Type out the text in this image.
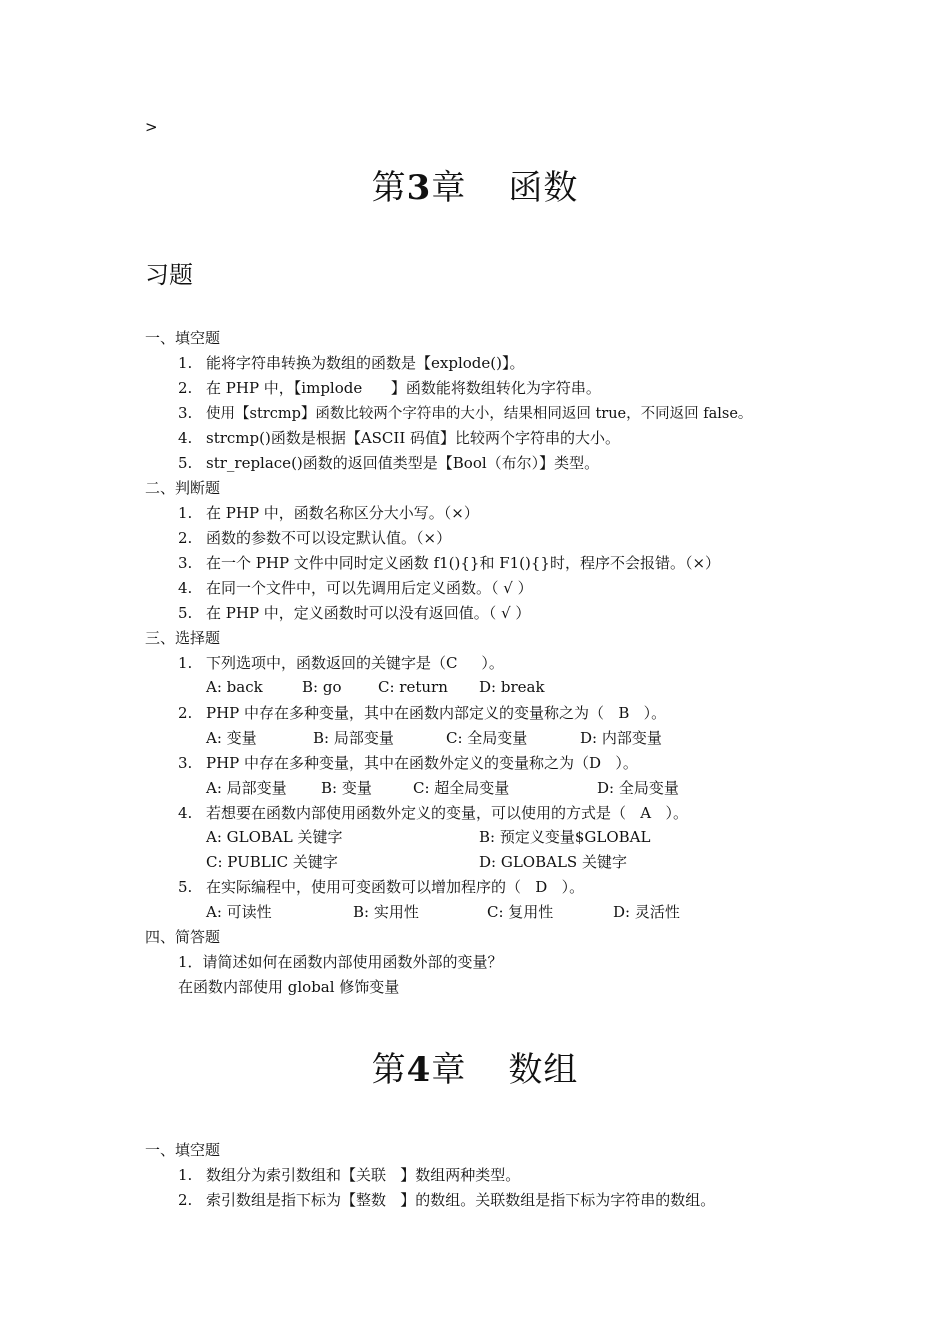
>
第3章 函数
习题
一、填空题
1. 能将字符串转换为数组的函数是【explode()】。
2. 在 PHP 中，【implode      】函数能将数组转化为字符串。
3. 使用【strcmp】函数比较两个字符串的大小，结果相同返回 true，不同返回 false。
4. strcmp()函数是根据【ASCII 码值】比较两个字符串的大小。
5. str_replace()函数的返回值类型是【Bool（布尔）】类型。
二、判断题
1. 在 PHP 中，函数名称区分大小写。（×）
2. 函数的参数不可以设定默认值。（×）
3. 在一个 PHP 文件中同时定义函数 f1(){}和 F1(){}时，程序不会报错。（×）
4. 在同一个文件中，可以先调用后定义函数。（ √ ）
5. 在 PHP 中，定义函数时可以没有返回值。（ √ ）
三、选择题
1. 下列选项中，函数返回的关键字是（C     ）。
A: back	B: go C: return D: break
2. PHP 中存在多种变量，其中在函数内部定义的变量称之为（   B   ）。
A: 变量	B: 局部变量	C: 全局变量	D: 内部变量
3. PHP 中存在多种变量，其中在函数外定义的变量称之为（D   ）。
A: 局部变量 B: 变量	C: 超全局变量	D: 全局变量
4. 若想要在函数内部使用函数外定义的变量，可以使用的方式是（   A   ）。
A: GLOBAL 关键字	B: 预定义变量$GLOBAL
C: PUBLIC 关键字	D: GLOBALS 关键字
5. 在实际编程中，使用可变函数可以增加程序的（   D   ）。
A: 可读性	B: 实用性	C: 复用性	D: 灵活性
四、简答题
1．请简述如何在函数内部使用函数外部的变量？
在函数内部使用 global 修饰变量
第4章 数组
一、填空题
1. 数组分为索引数组和【关联   】数组两种类型。
2. 索引数组是指下标为【整数   】的数组。关联数组是指下标为字符串的数组。
